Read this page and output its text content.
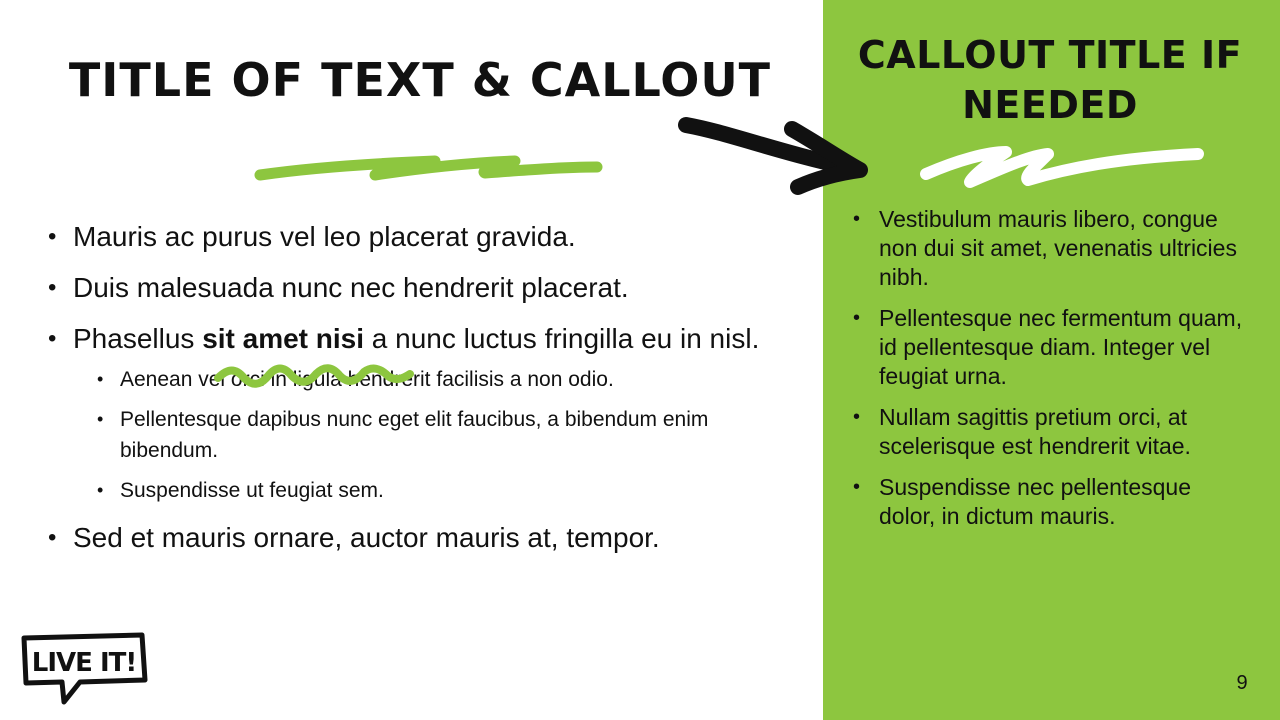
TITLE OF TEXT & CALLOUT	CALLOUT TITLE IF NEEDED
• Mauris ac purus vel leo placerat gravida.
• Duis malesuada nunc nec hendrerit placerat.
• Phasellus sit amet nisi a nunc luctus fringilla eu in nisl.
• Aenean vel orci in ligula hendrerit facilisis a non odio.
• Pellentesque dapibus nunc eget elit faucibus, a bibendum enim bibendum.
• Suspendisse ut feugiat sem.
• Sed et mauris ornare, auctor mauris at, tempor.
• Vestibulum mauris libero, congue non dui sit amet, venenatis ultricies nibh.
• Pellentesque nec fermentum quam, id pellentesque diam. Integer vel feugiat urna.
• Nullam sagittis pretium orci, at scelerisque est hendrerit vitae.
• Suspendisse nec pellentesque dolor, in dictum mauris.
LIVE IT!
9
